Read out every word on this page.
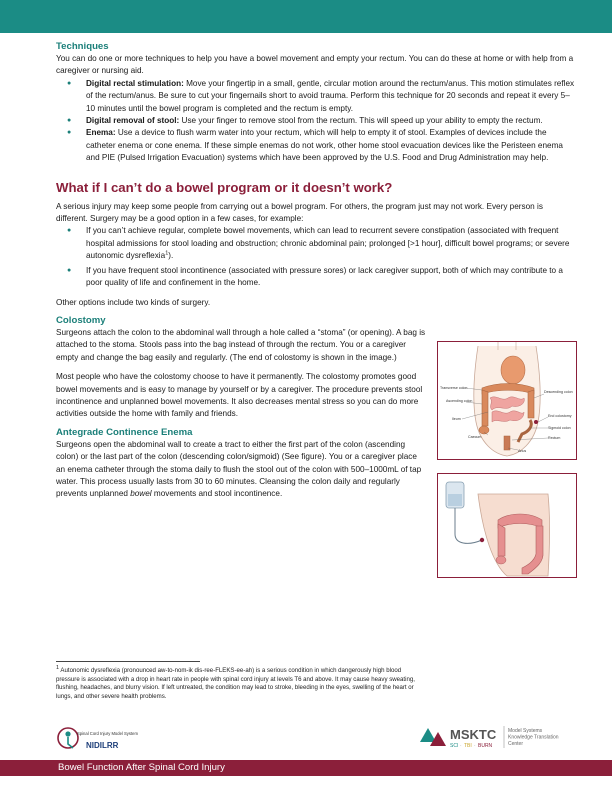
Techniques

You can do one or more techniques to help you have a bowel movement and empty your rectum. You can do these at home or with help from a caregiver or nursing aid.

● Digital rectal stimulation: Move your fingertip in a small, gentle, circular motion around the rectum/anus. This motion stimulates reflex of the rectum/anus. Be sure to cut your fingernails short to avoid trauma. Perform this technique for 20 seconds and repeat it every 5–10 minutes until the bowel program is completed and the rectum is empty.
● Digital removal of stool: Use your finger to remove stool from the rectum. This will speed up your ability to empty the rectum.
● Enema: Use a device to flush warm water into your rectum, which will help to empty it of stool. Examples of devices include the catheter enema or cone enema. If these simple enemas do not work, other home stool evacuation devices like the Peristeen enema and PIE (Pulsed Irrigation Evacuation) systems which have been approved by the U.S. Food and Drug Administration may help.
What if I can’t do a bowel program or it doesn’t work?

A serious injury may keep some people from carrying out a bowel program. For others, the program just may not work. Every person is different. Surgery may be a good option in a few cases, for example:

● If you can’t achieve regular, complete bowel movements, which can lead to recurrent severe constipation (associated with frequent hospital admissions for stool loading and obstruction; chronic abdominal pain; prolonged [>1 hour], difficult bowel programs; or severe autonomic dysreflexia$^1$).
● If you have frequent stool incontinence (associated with pressure sores) or lack caregiver support, both of which may contribute to a poor quality of life and confinement in the home.

Other options include two kinds of surgery.

Colostomy

Surgeons attach the colon to the abdominal wall through a hole called a “stoma” (or opening). A bag is attached to the stoma. Stools pass into the bag instead of through the rectum. You or a caregiver empty and change the bag easily and regularly. (The end of colostomy is shown in the image.)

Most people who have the colostomy choose to have it permanently. The colostomy promotes good bowel movements and is easy to manage by yourself or by a caregiver. The procedure prevents stool incontinence and unplanned bowel movements. It also decreases mental stress so you can do more activities outside the home with family and friends.

Antegrade Continence Enema

Surgeons open the abdominal wall to create a tract to either the first part of the colon (ascending colon) or the last part of the colon (descending colon/sigmoid) (See figure). You or a caregiver place an enema catheter through the stoma daily to flush the stool out of the colon with 500–1000mL of tap water. This process usually lasts from 30 to 60 minutes. Cleansing the colon daily and regularly prevents unplanned bowel movements and stool incontinence.

Transverse colon
Ascending colon
Ileum
Caecum
Descending colon
End colostomy
Sigmoid colon
Rectum
Anus

$^1$ Autonomic dysreflexia (pronounced aw-to-nom-ik dis-ree-FLEKS-ee-ah) is a serious condition in which dangerously high blood pressure is associated with a drop in heart rate in people with spinal cord injury at levels T6 and above. It may cause heavy sweating, flushing, headaches, and blurry vision. If left untreated, the condition may lead to stroke, bleeding in the eyes, swelling of the heart or lungs, and other severe health problems.

Spinal Cord Injury Model System
NIDILRR
MSKTC
SCI · TBI · BURN
Model Systems
Knowledge Translation
Center
Bowel Function After Spinal Cord Injury
